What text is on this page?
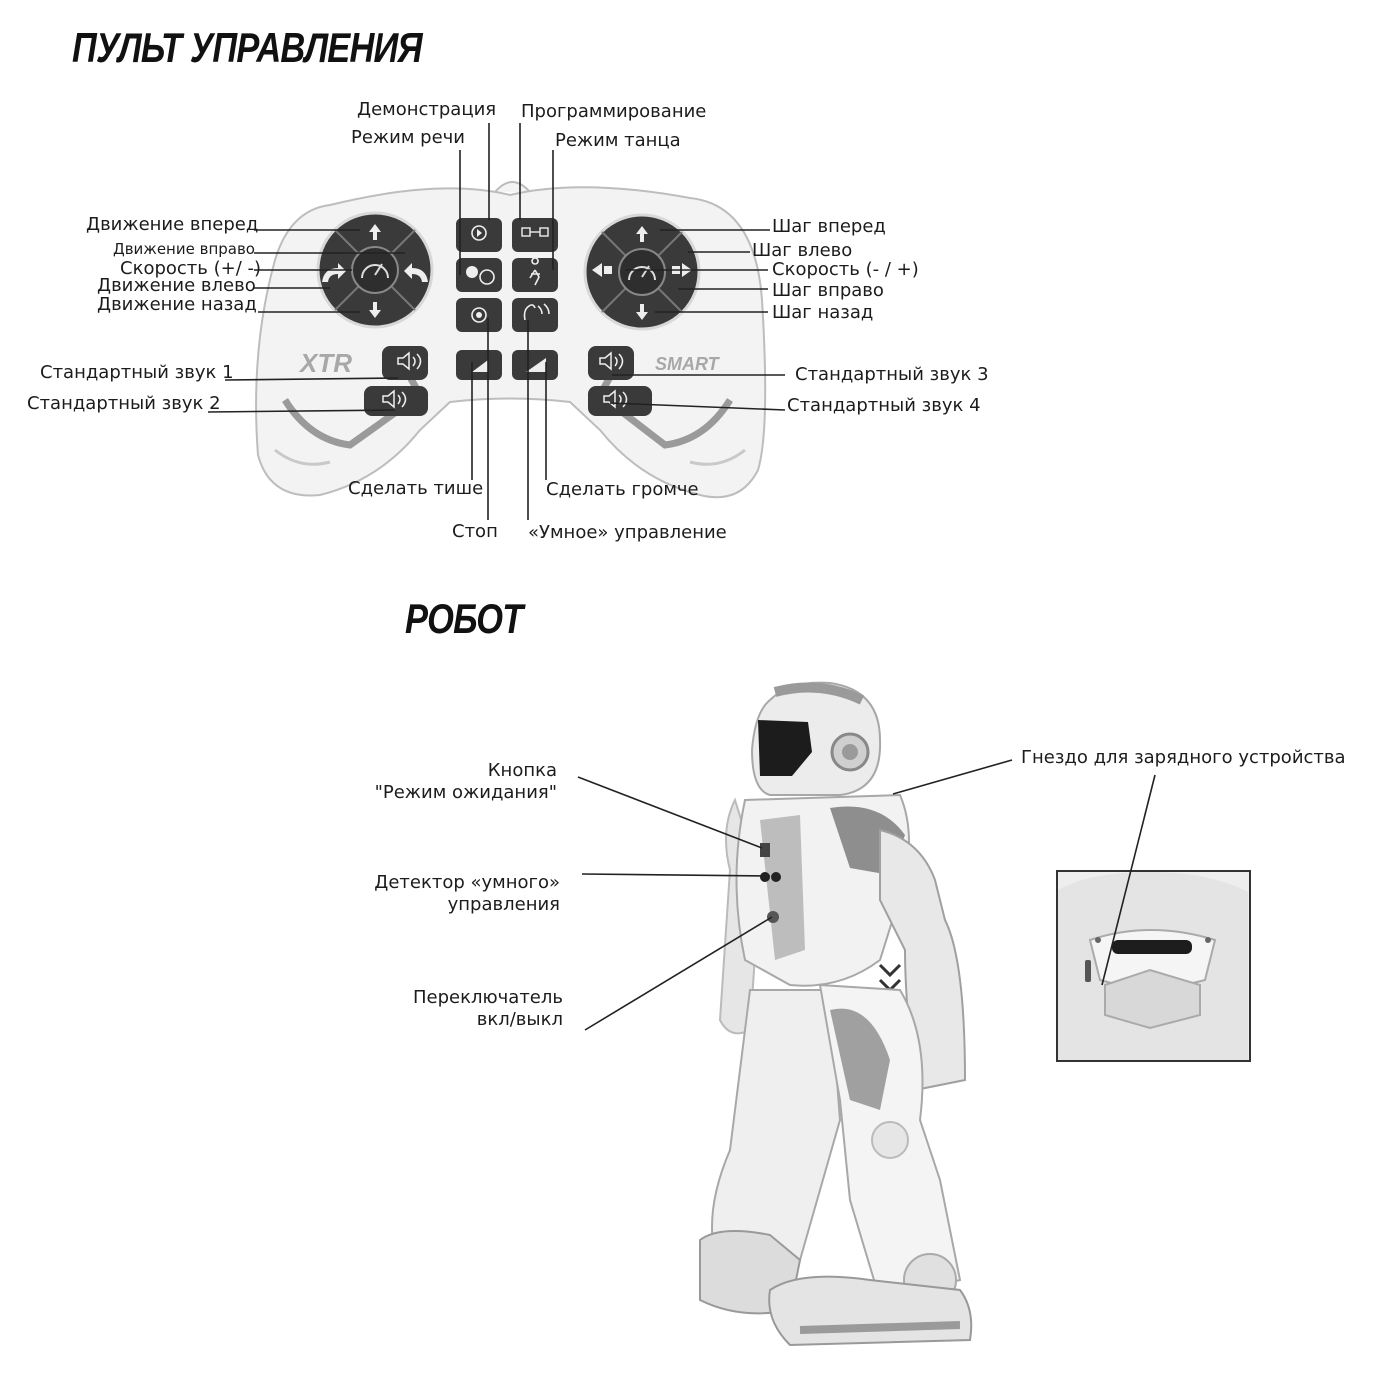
ПУЛЬТ УПРАВЛЕНИЯ
РОБОТ
XTR	SMART
Демонстрация
Режим речи
Программирование
Режим танца
Движение вперед
Движение вправо
Скорость (+/ -)
Движение влево
Движение назад
Шаг вперед
Шаг влево
Скорость (- / +)
Шаг вправо
Шаг назад
Стандартный звук 1
Стандартный звук 2
Стандартный звук 3
Стандартный звук 4
Сделать тише	Сделать громче
Стоп «Умное» управление
Кнопка
"Режим ожидания"
Детектор «умного»
управления
Переключатель
вкл/выкл
Гнездо для зарядного устройства
